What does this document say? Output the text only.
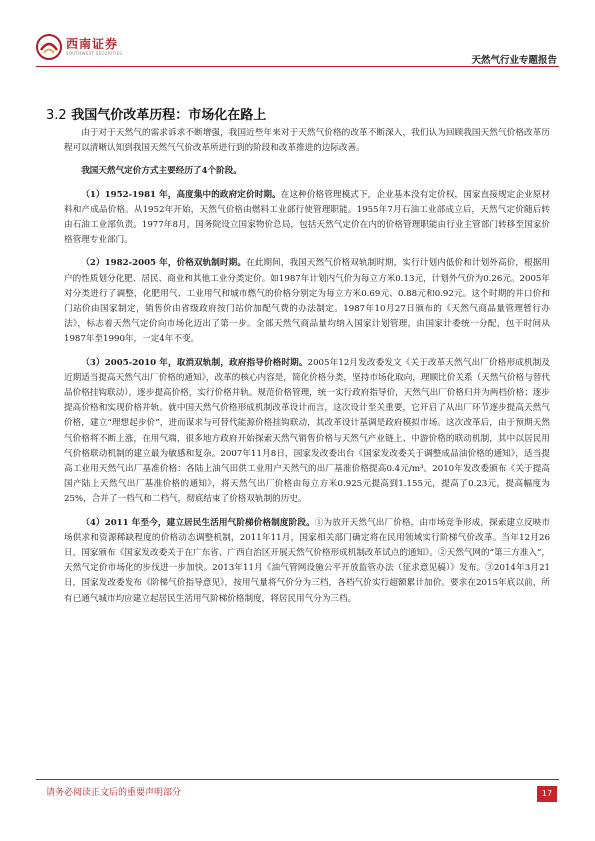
西南证券
SOUTHWEST SECURITIES
天然气行业专题报告
3.2 我国气价改革历程：市场化在路上

由于对于天然气的需求诉求不断增强，我国近些年来对于天然气价格的改革不断深入，我们认为回顾我国天然气价格改革历程可以清晰认知到我国天然气气价改革所进行到的阶段和改革推进的边际改善。

我国天然气定价方式主要经历了4个阶段。

（1）1952-1981 年，高度集中的政府定价时期。在这种价格管理模式下，企业基本没有定价权，国家直接规定企业原材料和产成品价格。从1952年开始，天然气价格由燃料工业部行使管理职能。1955年7月石油工业部成立后，天然气定价随后转由石油工业部负责。1977年8月，国务院设立国家物价总局，包括天然气定价在内的价格管理职能由行业主管部门转移至国家价格管理专业部门。

（2）1982-2005 年，价格双轨制时期。在此期间，我国天然气价格双轨制时期，实行计划内低价和计划外高价，根据用户的性质划分化肥、居民、商业和其他工业分类定价。如1987年计划内气价为每立方米0.13元，计划外气价为0.26元。2005年对分类进行了调整，化肥用气、工业用气和城市燃气的价格分别定为每立方米0.69元、0.88元和0.92元。这个时期的井口价和门站价由国家制定，销售价由省级政府按门站价加配气费的办法制定。1987年10月27日颁布的《天然气商品量管理暂行办法》，标志着天然气定价向市场化迈出了第一步。全部天然气商品量均纳入国家计划管理，由国家计委统一分配，包干时间从1987年至1990年，一定4年不变。

（3）2005-2010 年，取消双轨制，政府指导价格时期。2005年12月发改委发文《关于改革天然气出厂价格形成机制及近期适当提高天然气出厂价格的通知》，改革的核心内容是，简化价格分类，坚持市场化取向，理顺比价关系（天然气价格与替代品价格挂钩联动），逐步提高价格，实行价格并轨。规范价格管理，统一实行政府指导价，天然气出厂价格归并为两档价格；逐步提高价格和实现价格并轨。就中国天然气价格形成机制改革设计而言，这次设计至关重要，它开启了从出厂环节逐步提高天然气价格，建立“理想起步价”，进而谋求与可替代能源价格挂钩联动，其改革设计基调是政府模拟市场。这次改革后，由于预期天然气价格将不断上涨，在用气端，很多地方政府开始探索天然气销售价格与天然气产业链上、中游价格的联动机制，其中以居民用气价格联动机制的建立最为敏感和复杂。2007年11月8日，国家发改委出台《国家发改委关于调整成品油价格的通知》，适当提高工业用天然气出厂基准价格：各陆上油气田供工业用户天然气的出厂基准价格提高0.4元/m³。2010年发改委颁布《关于提高国产陆上天然气出厂基准价格的通知》，将天然气出厂价格由每立方米0.925元提高到1.155元，提高了0.23元，提高幅度为25%，合并了一档气和二档气，彻底结束了价格双轨制的历史。

（4）2011 年至今，建立居民生活用气阶梯价格制度阶段。①为放开天然气出厂价格，由市场竞争形成，探索建立反映市场供求和资源稀缺程度的价格动态调整机制，2011年11月，国家相关部门确定将在民用领域实行阶梯气价改革。当年12月26日，国家颁布《国家发改委关于在广东省、广西自治区开展天然气价格形成机制改革试点的通知》。②天然气网的“第三方准入”，天然气定价市场化的步伐进一步加快。2013年11月《油气管网设施公平开放监管办法（征求意见稿）》发布。③2014年3月21日，国家发改委发布《阶梯气价指导意见》，按用气量将气价分为三档，各档气价实行超额累计加价。要求在2015年底以前，所有已通气城市均应建立起居民生活用气阶梯价格制度，将居民用气分为三档。

请务必阅读正文后的重要声明部分	17
